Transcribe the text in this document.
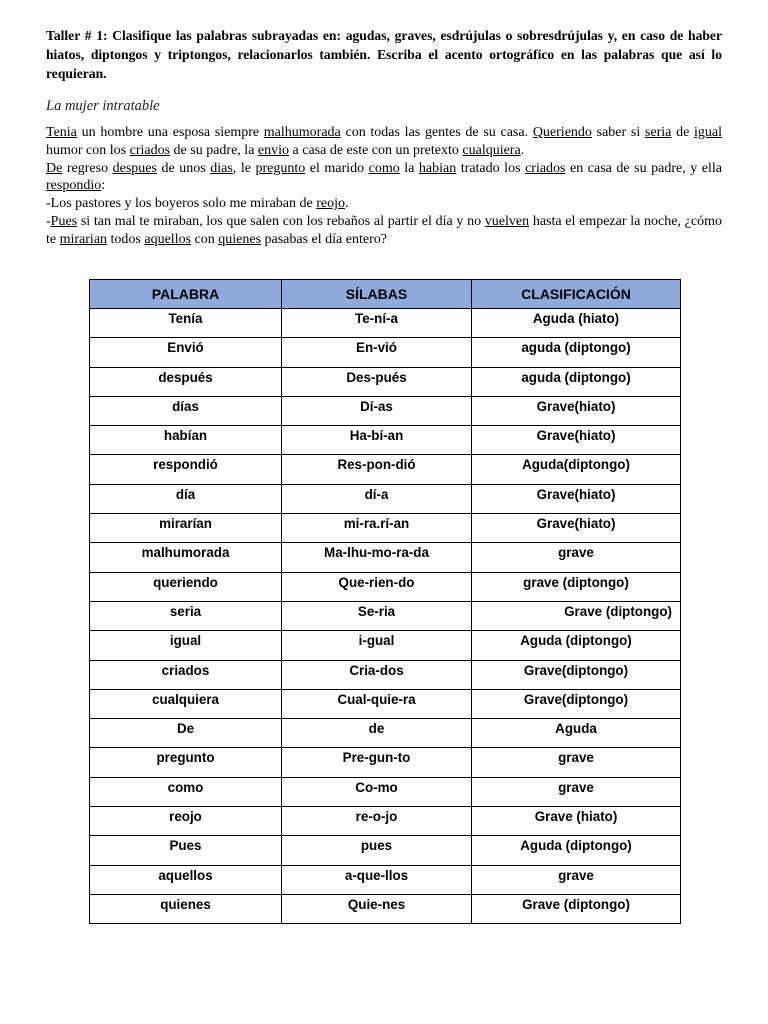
Taller # 1: Clasifique las palabras subrayadas en: agudas, graves, esdrújulas o sobresdrújulas y, en caso de haber hiatos, diptongos y triptongos, relacionarlos también. Escriba el acento ortográfico en las palabras que así lo requieran.

La mujer intratable

Tenia un hombre una esposa siempre malhumorada con todas las gentes de su casa. Queriendo saber si seria de igual humor con los criados de su padre, la envio a casa de este con un pretexto cualquiera.

De regreso despues de unos dias, le pregunto el marido como la habian tratado los criados en casa de su padre, y ella respondio:

-Los pastores y los boyeros solo me miraban de reojo.

-Pues si tan mal te miraban, los que salen con los rebaños al partir el día y no vuelven hasta el empezar la noche, ¿cómo te mirarian todos aquellos con quienes pasabas el día entero?

PALABRA	SÍLABAS	CLASIFICACIÓN
Tenía	Te-ní-a	Aguda (hiato)
Envió	En-vió	aguda (diptongo)
después	Des-pués	aguda (diptongo)
días	Dí-as	Grave(hiato)
habían	Ha-bí-an	Grave(hiato)
respondió	Res-pon-dió	Aguda(diptongo)
día	dí-a	Grave(hiato)
mirarían	mi-ra.rí-an	Grave(hiato)
malhumorada	Ma-lhu-mo-ra-da	grave
queriendo	Que-rien-do	grave (diptongo)
seria	Se-ria	Grave (diptongo)
igual	i-gual	Aguda (diptongo)
criados	Cria-dos	Grave(diptongo)
cualquiera	Cual-quie-ra	Grave(diptongo)
De	de	Aguda
pregunto	Pre-gun-to	grave
como	Co-mo	grave
reojo	re-o-jo	Grave (hiato)
Pues	pues	Aguda (diptongo)
aquellos	a-que-llos	grave
quienes	Quie-nes	Grave (diptongo)
